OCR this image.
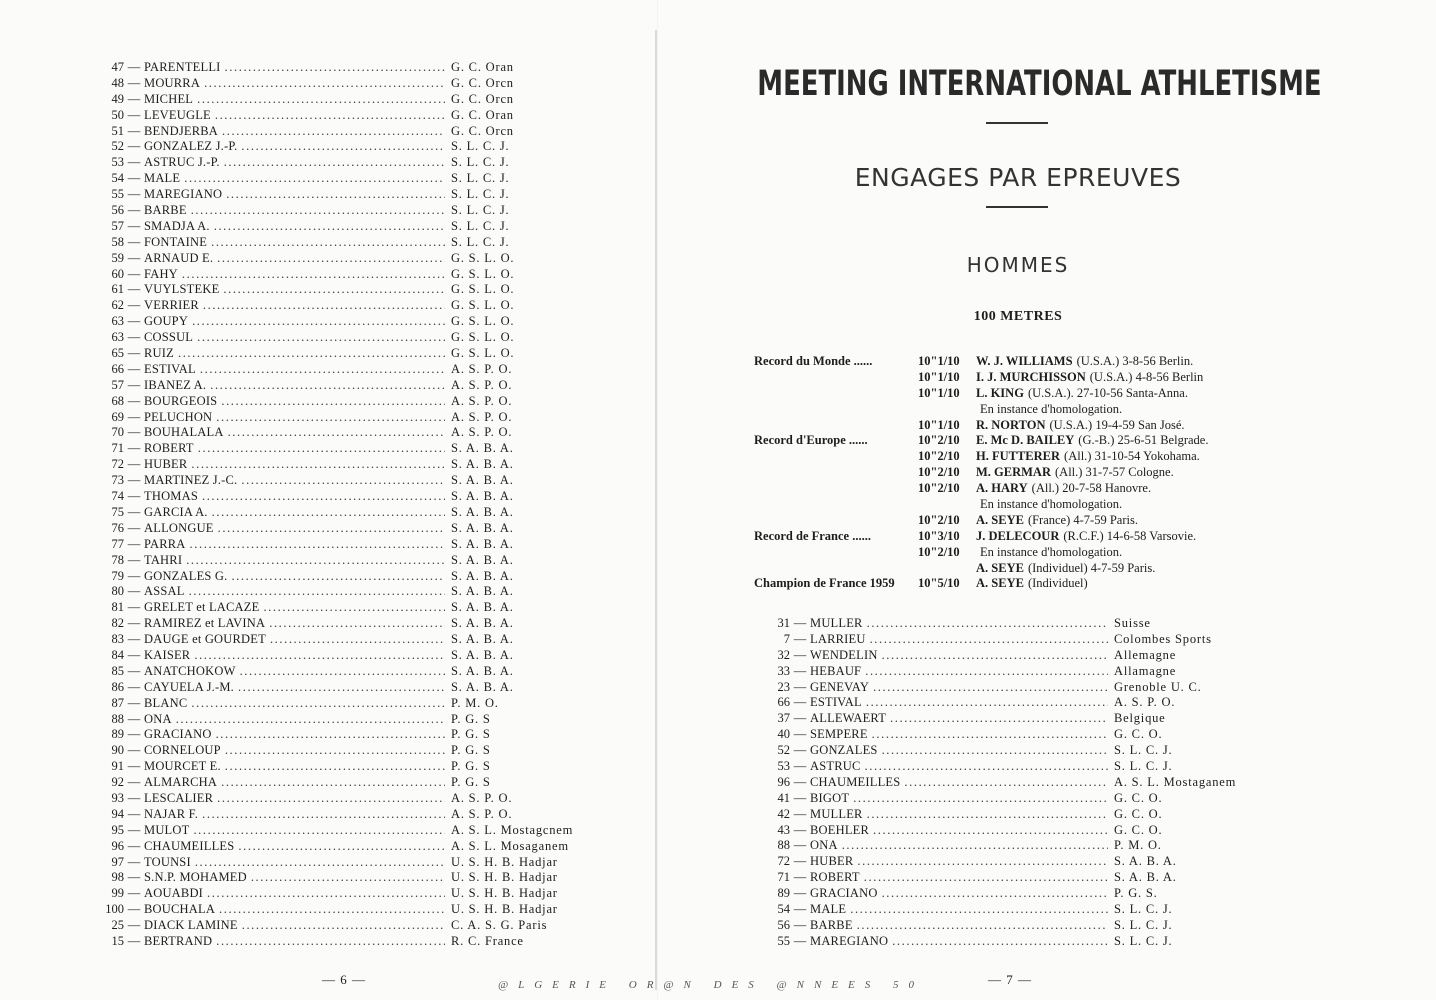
47 — PARENTELLI .....	G. C. Oran
48 — MOURRA .....	G. C. Orcn
49 — MICHEL .....	G. C. Orcn
50 — LEVEUGLE .....	G. C. Oran
51 — BENDJERBA .....	G. C. Orcn
52 — GONZALEZ J.-P. .....	S. L. C. J.
53 — ASTRUC J.-P. .....	S. L. C. J.
54 — MALE .....	S. L. C. J.
55 — MAREGIANO .....	S. L. C. J.
56 — BARBE .....	S. L. C. J.
57 — SMADJA A. .....	S. L. C. J.
58 — FONTAINE .....	S. L. C. J.
59 — ARNAUD E. .....	G. S. L. O.
60 — FAHY .....	G. S. L. O.
61 — VUYLSTEKE .....	G. S. L. O.
62 — VERRIER .....	G. S. L. O.
63 — GOUPY .....	G. S. L. O.
63 — COSSUL .....	G. S. L. O.
65 — RUIZ .....	G. S. L. O.
66 — ESTIVAL .....	A. S. P. O.
57 — IBANEZ A. .....	A. S. P. O.
68 — BOURGEOIS .....	A. S. P. O.
69 — PELUCHON .....	A. S. P. O.
70 — BOUHALALA .....	A. S. P. O.
71 — ROBERT .....	S. A. B. A.
72 — HUBER .....	S. A. B. A.
73 — MARTINEZ J.-C. .....	S. A. B. A.
74 — THOMAS .....	S. A. B. A.
75 — GARCIA A. .....	S. A. B. A.
76 — ALLONGUE .....	S. A. B. A.
77 — PARRA .....	S. A. B. A.
78 — TAHRI .....	S. A. B. A.
79 — GONZALES G. .....	S. A. B. A.
80 — ASSAL .....	S. A. B. A.
81 — GRELET et LACAZE .....	S. A. B. A.
82 — RAMIREZ et LAVINA .....	S. A. B. A.
83 — DAUGE et GOURDET .....	S. A. B. A.
84 — KAISER .....	S. A. B. A.
85 — ANATCHOKOW .....	S. A. B. A.
86 — CAYUELA J.-M. .....	S. A. B. A.
87 — BLANC .....	P. M. O.
88 — ONA .....	P. G. S
89 — GRACIANO .....	P. G. S
90 — CORNELOUP .....	P. G. S
91 — MOURCET E. .....	P. G. S
92 — ALMARCHA .....	P. G. S
93 — LESCALIER .....	A. S. P. O.
94 — NAJAR F. .....	A. S. P. O.
95 — MULOT .....	A. S. L. Mostagcnem
96 — CHAUMEILLES .....	A. S. L. Mosaganem
97 — TOUNSI .....	U. S. H. B. Hadjar
98 — S.N.P. MOHAMED .....	U. S. H. B. Hadjar
99 — AOUABDI .....	U. S. H. B. Hadjar
100 — BOUCHALA .....	U. S. H. B. Hadjar
25 — DIACK LAMINE .....	C. A. S. G. Paris
15 — BERTRAND .....	R. C. France
— 6 —
MEETING INTERNATIONAL ATHLETISME
ENGAGES PAR EPREUVES
HOMMES
100 METRES
Record du Monde ......	10"1/10	W. J. WILLIAMS (U.S.A.) 3-8-56 Berlin.
10"1/10	I. J. MURCHISSON (U.S.A.) 4-8-56 Berlin
10"1/10	L. KING (U.S.A.). 27-10-56 Santa-Anna.
En instance d'homologation.
10"1/10	R. NORTON (U.S.A.) 19-4-59 San José.
Record d'Europe ......	10"2/10	E. Mc D. BAILEY (G.-B.) 25-6-51 Belgrade.
10"2/10	H. FUTTERER (All.) 31-10-54 Yokohama.
10"2/10	M. GERMAR (All.) 31-7-57 Cologne.
10"2/10	A. HARY (All.) 20-7-58 Hanovre.
En instance d'homologation.
10"2/10	A. SEYE (France) 4-7-59 Paris.
Record de France ......	10"3/10	J. DELECOUR (R.C.F.) 14-6-58 Varsovie.
10"2/10	En instance d'homologation.
A. SEYE (Individuel) 4-7-59 Paris.
Champion de France 1959	10"5/10	A. SEYE (Individuel)
31 — MULLER .....	Suisse
7 — LARRIEU .....	Colombes Sports
32 — WENDELIN .....	Allemagne
33 — HEBAUF .....	Allamagne
23 — GENEVAY .....	Grenoble U. C.
66 — ESTIVAL .....	A. S. P. O.
37 — ALLEWAERT .....	Belgique
40 — SEMPERE .....	G. C. O.
52 — GONZALES .....	S. L. C. J.
53 — ASTRUC .....	S. L. C. J.
96 — CHAUMEILLES .....	A. S. L. Mostaganem
41 — BIGOT .....	G. C. O.
42 — MULLER .....	G. C. O.
43 — BOEHLER .....	G. C. O.
88 — ONA .....	P. M. O.
72 — HUBER .....	S. A. B. A.
71 — ROBERT .....	S. A. B. A.
89 — GRACIANO .....	P. G. S.
54 — MALE .....	S. L. C. J.
56 — BARBE .....	S. L. C. J.
55 — MAREGIANO .....	S. L. C. J.
— 7 —
@LGERIE OR@N DES @NNEES 50
